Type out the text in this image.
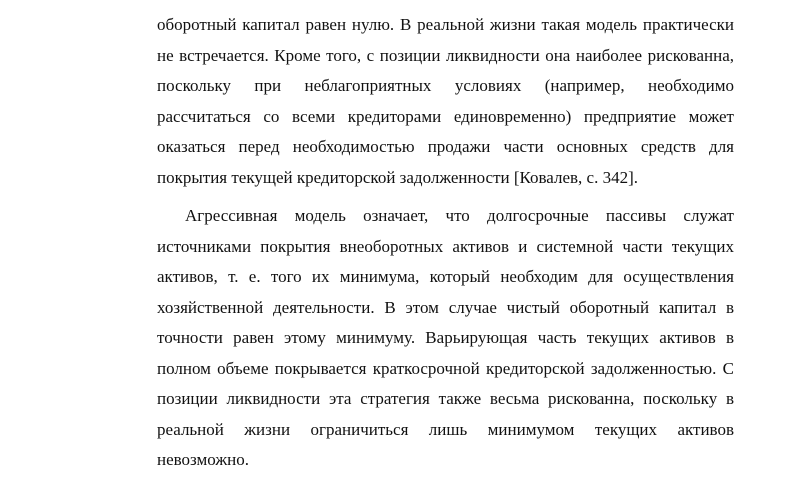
оборотный капитал равен нулю. В реальной жизни такая модель практически
не встречается. Кроме того, с позиции ликвидности она наиболее рискованна,
поскольку при неблагоприятных условиях (например, необходимо
рассчитаться со всеми кредиторами единовременно) предприятие может
оказаться перед необходимостью продажи части основных средств для
покрытия текущей кредиторской задолженности [Ковалев, с. 342].

Агрессивная модель означает, что долгосрочные пассивы служат
источниками покрытия внеоборотных активов и системной части текущих
активов, т. е. того их минимума, который необходим для осуществления
хозяйственной деятельности. В этом случае чистый оборотный капитал в
точности равен этому минимуму. Варьирующая часть текущих активов в
полном объеме покрывается краткосрочной кредиторской задолженностью. С
позиции ликвидности эта стратегия также весьма рискованна, поскольку в
реальной жизни ограничиться лишь минимумом текущих активов
невозможно.
